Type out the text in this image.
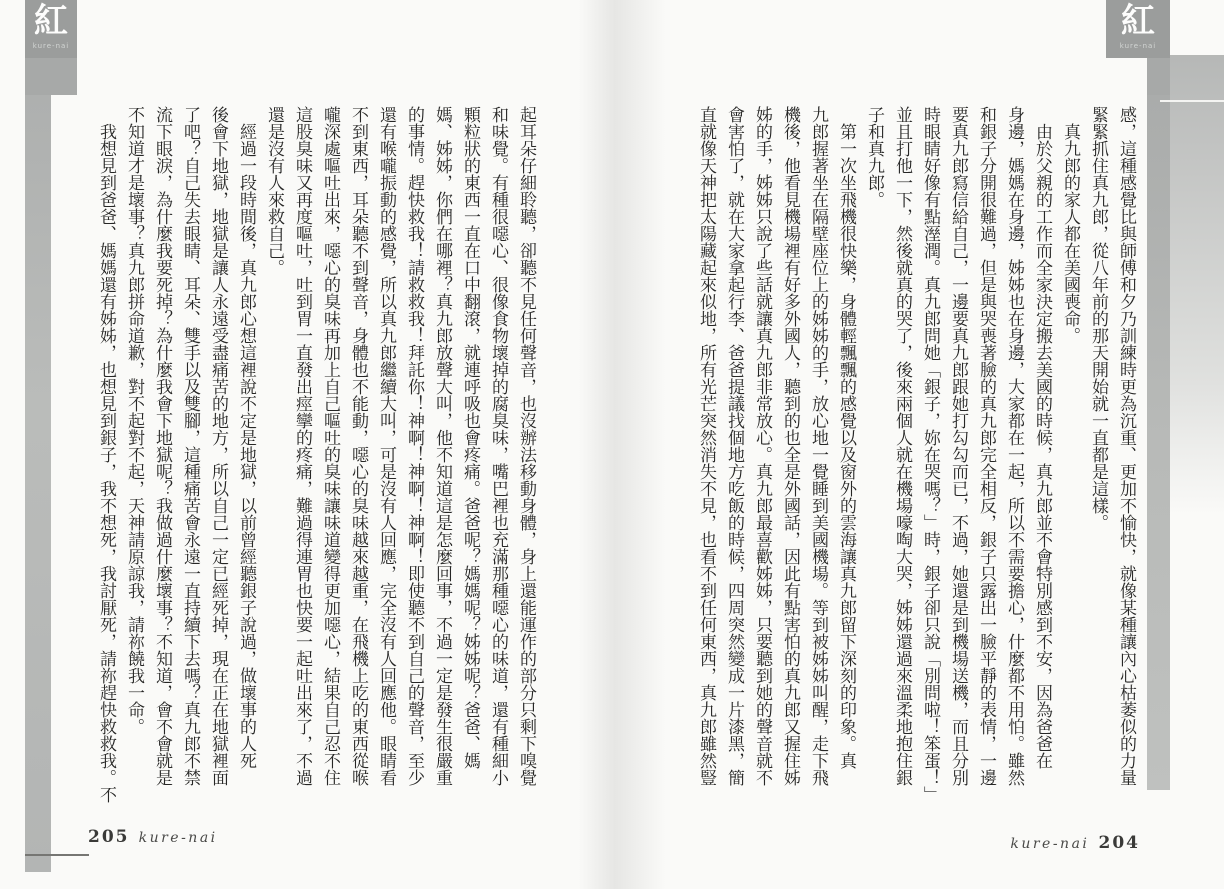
紅
kure-nai
紅
kure-nai
感，這種感覺比與師傅和夕乃訓練時更為沉重、更加不愉快，就像某種讓內心枯萎似的力量
緊緊抓住真九郎，從八年前的那天開始就一直都是這樣。
　真九郎的家人都在美國喪命。
　由於父親的工作而全家決定搬去美國的時候，真九郎並不會特別感到不安，因為爸爸在
身邊，媽媽在身邊，姊姊也在身邊，大家都在一起，所以不需要擔心，什麼都不用怕。雖然
和銀子分開很難過，但是與哭喪著臉的真九郎完全相反，銀子只露出一臉平靜的表情，一邊
要真九郎寫信給自己，一邊要真九郎跟她打勾勾而已，不過，她還是到機場送機，而且分別
時眼睛好像有點溼潤。真九郎問她「銀子，妳在哭嗎？」時，銀子卻只說「別問啦！笨蛋！」
並且打他一下，然後就真的哭了，後來兩個人就在機場嚎啕大哭，姊姊還過來溫柔地抱住銀
子和真九郎。
　第一次坐飛機很快樂，身體輕飄飄的感覺以及窗外的雲海讓真九郎留下深刻的印象。真
九郎握著坐在隔壁座位上的姊姊的手，放心地一覺睡到美國機場。等到被姊姊叫醒，走下飛
機後，他看見機場裡有好多外國人，聽到的也全是外國話，因此有點害怕的真九郎又握住姊
姊的手，姊姊只說了些話就讓真九郎非常放心。真九郎最喜歡姊姊，只要聽到她的聲音就不
會害怕了，就在大家拿起行李、爸爸提議找個地方吃飯的時候，四周突然變成一片漆黑，簡
直就像天神把太陽藏起來似地，所有光芒突然消失不見，也看不到任何東西，真九郎雖然豎
起耳朵仔細聆聽，卻聽不見任何聲音，也沒辦法移動身體，身上還能運作的部分只剩下嗅覺
和味覺。有種很噁心、很像食物壞掉的腐臭味，嘴巴裡也充滿那種噁心的味道，還有種細小
顆粒狀的東西一直在口中翻滾，就連呼吸也會疼痛。爸爸呢？媽媽呢？姊姊呢？爸爸、媽
媽、姊姊，你們在哪裡？真九郎放聲大叫，他不知道這是怎麼回事，不過一定是發生很嚴重
的事情。趕快救我！請救救我！拜託你！神啊！神啊！神啊！即使聽不到自己的聲音，至少
還有喉嚨振動的感覺，所以真九郎繼續大叫，可是沒有人回應，完全沒有人回應他。眼睛看
不到東西，耳朵聽不到聲音，身體也不能動，噁心的臭味越來越重，在飛機上吃的東西從喉
嚨深處嘔吐出來，噁心的臭味再加上自己嘔吐的臭味讓味道變得更加噁心，結果自己忍不住
這股臭味又再度嘔吐，吐到胃一直發出痙攣的疼痛，難過得連胃也快要一起吐出來了，不過
還是沒有人來救自己。
　經過一段時間後，真九郎心想這裡說不定是地獄，以前曾經聽銀子說過，做壞事的人死
後會下地獄，地獄是讓人永遠受盡痛苦的地方，所以自己一定已經死掉，現在正在地獄裡面
了吧？自己失去眼睛、耳朵、雙手以及雙腳，這種痛苦會永遠一直持續下去嗎？真九郎不禁
流下眼淚，為什麼我要死掉？為什麼我會下地獄呢？我做過什麼壞事？不知道，會不會就是
不知道才是壞事？真九郎拼命道歉，對不起對不起，天神請原諒我，請祢饒我一命。
　我想見到爸爸、媽媽還有姊姊，也想見到銀子，我不想死，我討厭死，請祢趕快救救我。不
205 kure-nai	kure-nai 204
